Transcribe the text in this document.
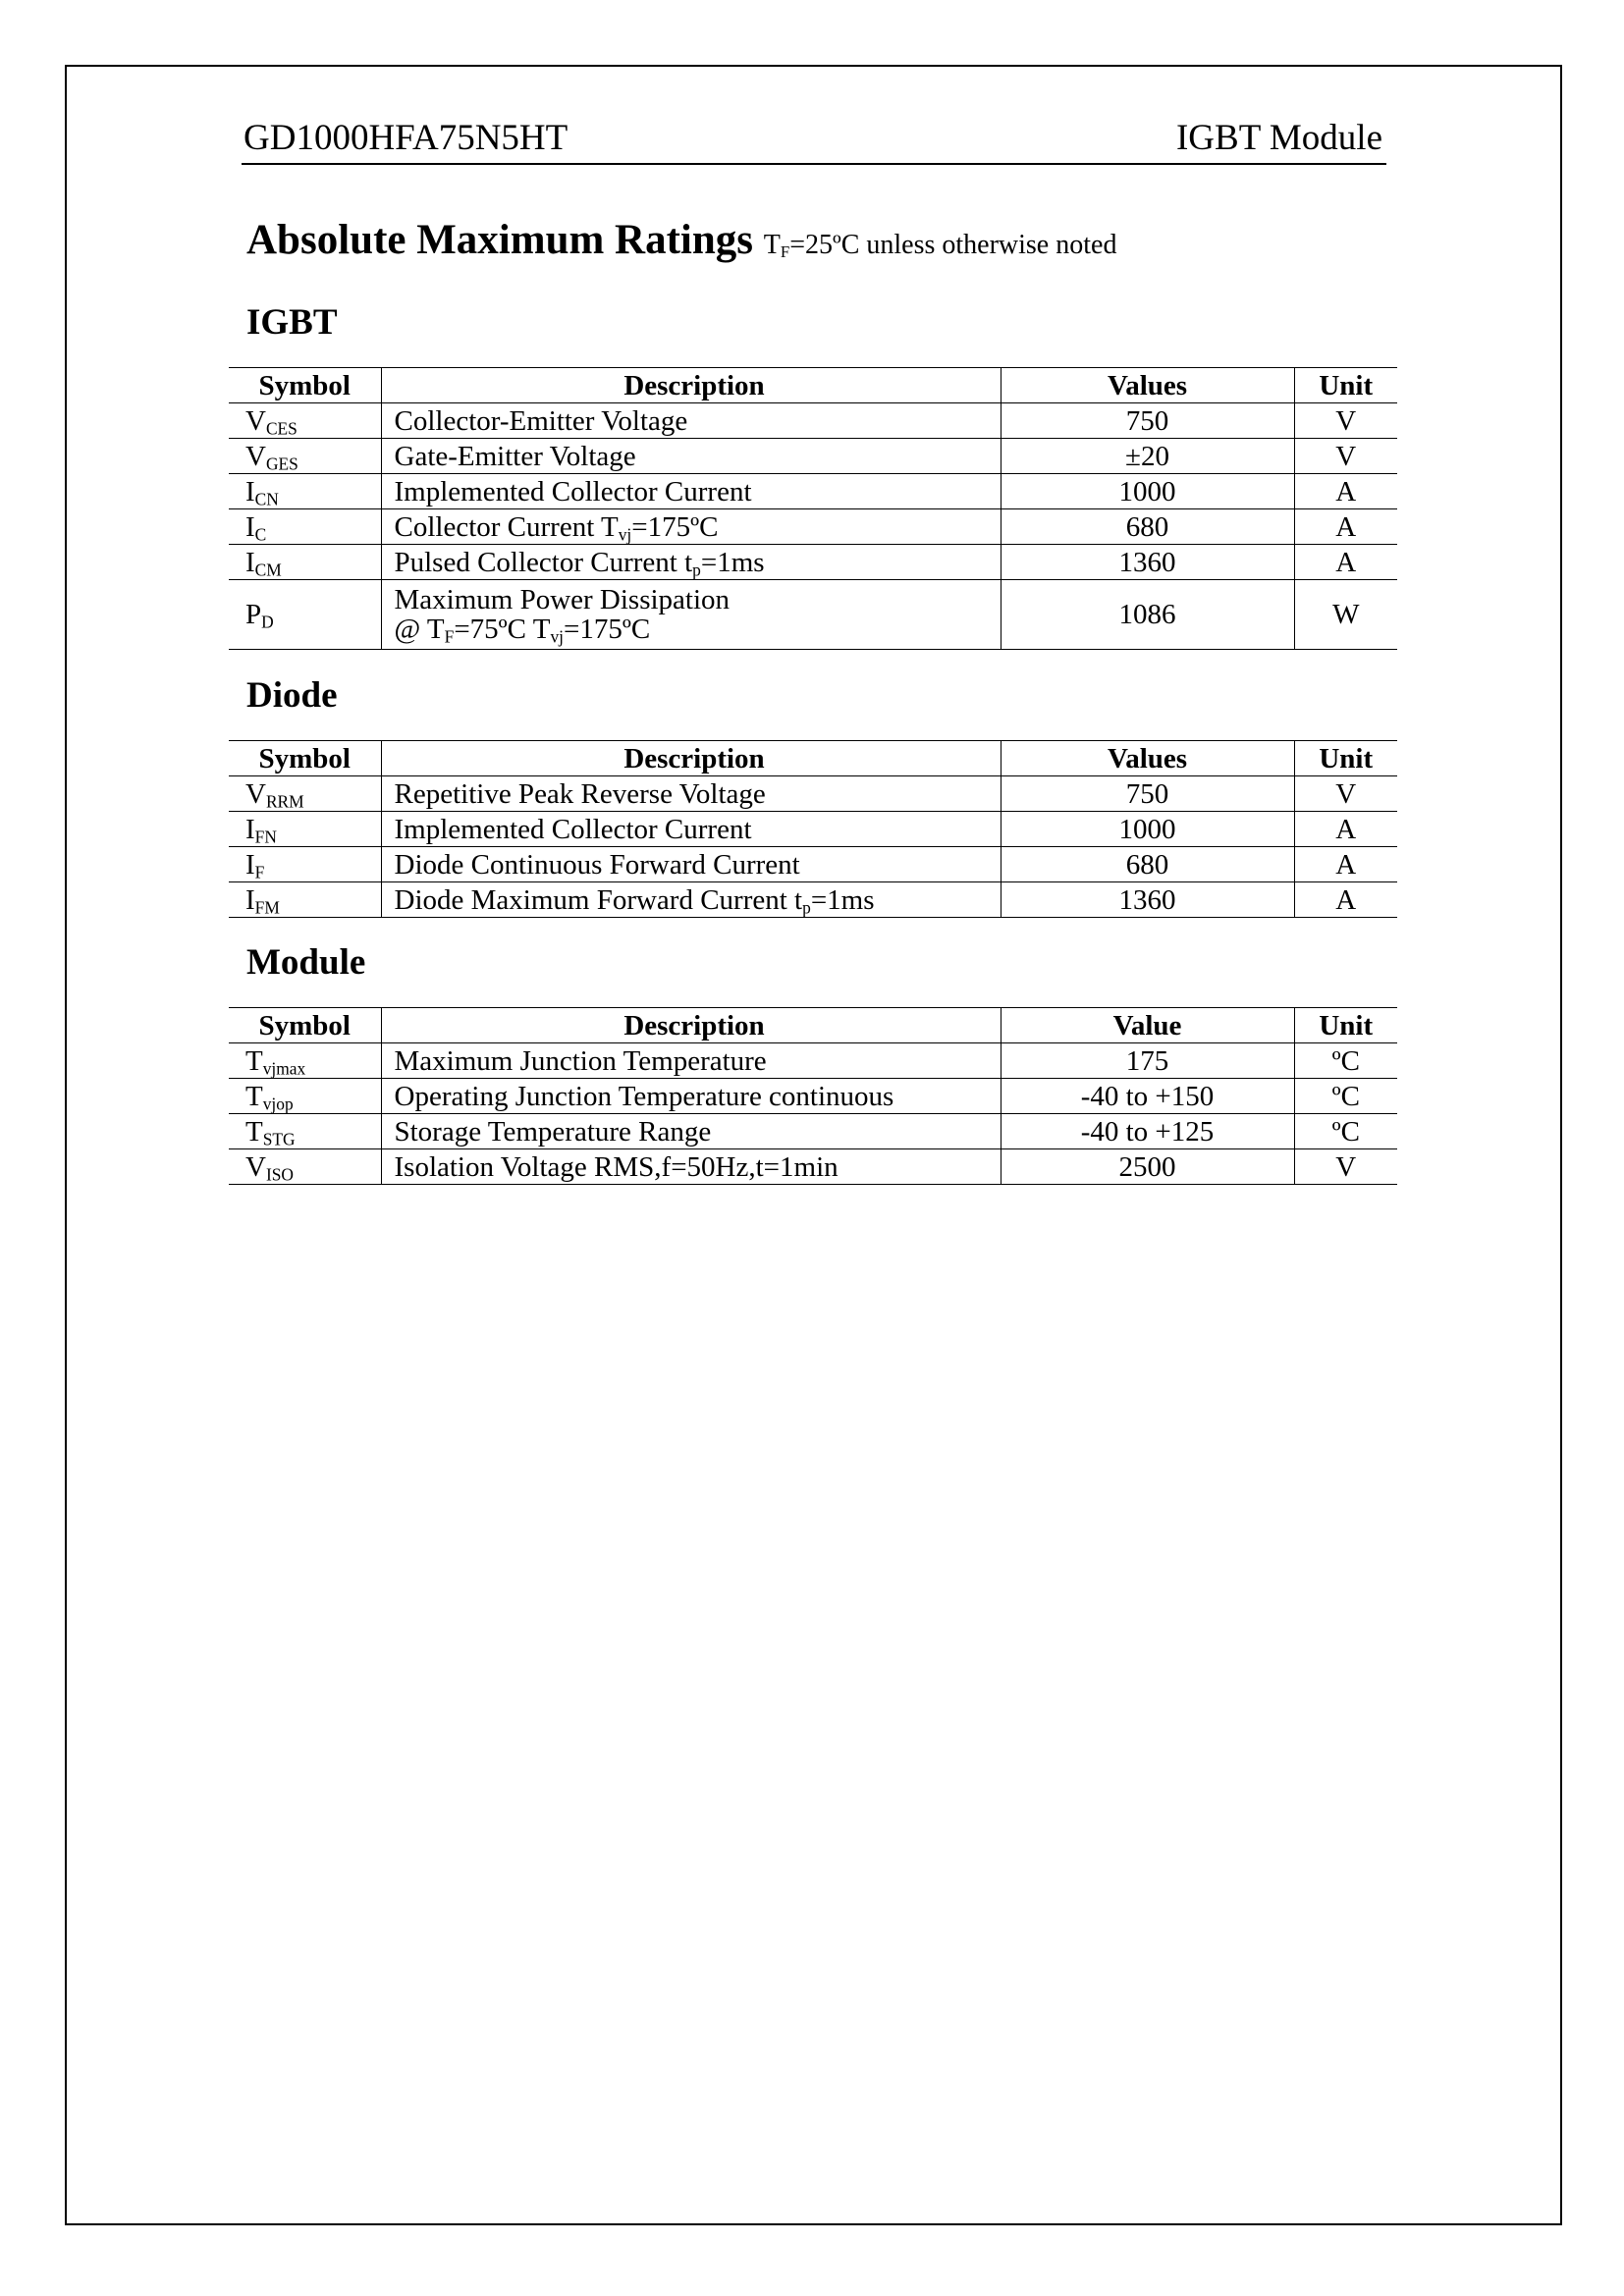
GD1000HFA75N5HT	IGBT Module
Absolute Maximum Ratings $T_F=25ºC$ unless otherwise noted
IGBT
Symbol	Description	Values	Unit
$V_{CES}$	Collector-Emitter Voltage	750	V
$V_{GES}$	Gate-Emitter Voltage	±20	V
$I_{CN}$	Implemented Collector Current	1000	A
$I_C$	Collector Current $T_{vj}=175ºC$	680	A
$I_{CM}$	Pulsed Collector Current $t_p=1ms$	1360	A
$P_D$	Maximum Power Dissipation
@ $T_F=75ºC$ $T_{vj}=175ºC$	1086	W
Diode
Symbol	Description	Values	Unit
$V_{RRM}$	Repetitive Peak Reverse Voltage	750	V
$I_{FN}$	Implemented Collector Current	1000	A
$I_F$	Diode Continuous Forward Current	680	A
$I_{FM}$	Diode Maximum Forward Current $t_p=1ms$	1360	A
Module
Symbol	Description	Value	Unit
$T_{vjmax}$	Maximum Junction Temperature	175	ºC
$T_{vjop}$	Operating Junction Temperature continuous	-40 to +150	ºC
$T_{STG}$	Storage Temperature Range	-40 to +125	ºC
$V_{ISO}$	Isolation Voltage RMS,f=50Hz,t=1min	2500	V
